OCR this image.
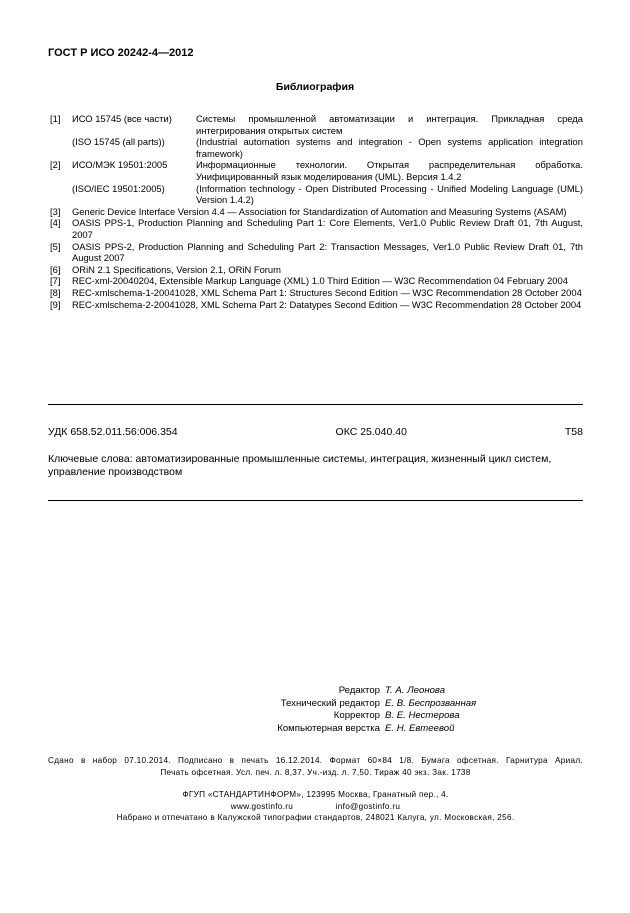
ГОСТ Р ИСО 20242-4—2012
Библиография
[1] ИСО 15745 (все части)	Системы промышленной автоматизации и интеграция. Прикладная среда интегрирования открытых систем
(ISO 15745 (all parts))	(Industrial automation systems and integration - Open systems application integration framework)
[2] ИСО/МЭК 19501:2005	Информационные технологии. Открытая распределительная обработка. Унифицированный язык моделирования (UML). Версия 1.4.2
(ISO/IEC 19501:2005)	(Information technology - Open Distributed Processing - Unified Modeling Language (UML) Version 1.4.2)
[3]	Generic Device Interface Version 4.4 — Association for Standardization of Automation and Measuring Systems (ASAM)
[4]	OASIS PPS-1, Production Planning and Scheduling Part 1: Core Elements, Ver1.0 Public Review Draft 01, 7th August, 2007
[5]	OASIS PPS-2, Production Planning and Scheduling Part 2: Transaction Messages, Ver1.0 Public Review Draft 01, 7th August 2007
[6]	ORiN 2.1 Specifications, Version 2.1, ORiN Forum
[7]	REC-xml-20040204, Extensible Markup Language (XML) 1.0 Third Edition — W3C Recommendation 04 February 2004
[8]	REC-xmlschema-1-20041028, XML Schema Part 1: Structures Second Edition — W3C Recommendation 28 October 2004
[9]	REC-xmlschema-2-20041028, XML Schema Part 2: Datatypes Second Edition — W3C Recommendation 28 October 2004
УДК 658.52.011.56:006.354	ОКС 25.040.40	Т58
Ключевые слова: автоматизированные промышленные системы, интеграция, жизненный цикл систем, управление производством
Редактор Т. А. Леонова
Технический редактор Е. В. Беспрозванная
Корректор В. Е. Нестерова
Компьютерная верстка Е. Н. Евтеевой
Сдано в набор 07.10.2014. Подписано в печать 16.12.2014. Формат 60×84 1/8. Бумага офсетная. Гарнитура Ариал.
Печать офсетная. Усл. печ. л. 8,37. Уч.-изд. л. 7,50. Тираж 40 экз. Зак. 1738
ФГУП «СТАНДАРТИНФОРМ», 123995 Москва, Гранатный пер., 4.
www.gostinfo.ru	info@gostinfo.ru
Набрано и отпечатано в Калужской типографии стандартов, 248021 Калуга, ул. Московская, 256.
